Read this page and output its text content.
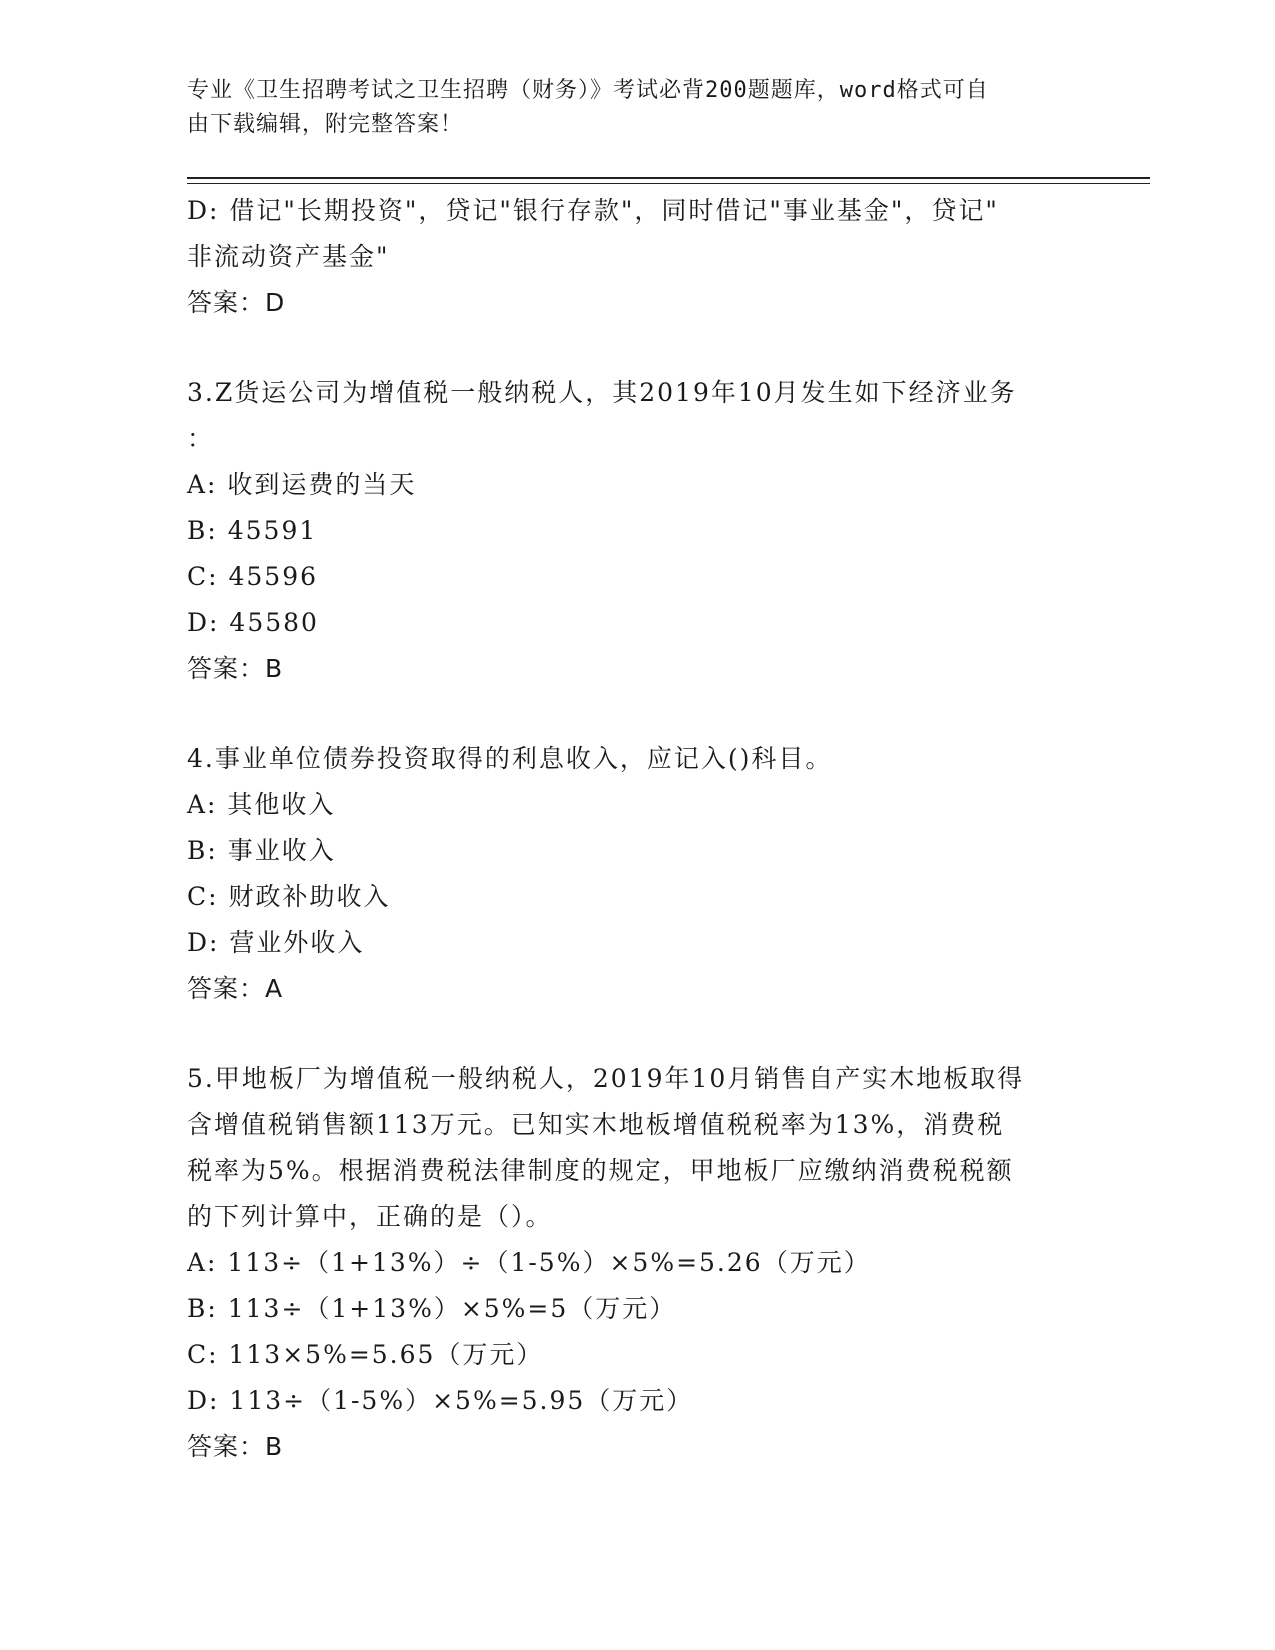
专业《卫生招聘考试之卫生招聘（财务）》考试必背200题题库，word格式可自
由下载编辑，附完整答案！
D: 借记"长期投资"，贷记"银行存款"，同时借记"事业基金"，贷记"
非流动资产基金"
答案：D
3.Z货运公司为增值税一般纳税人，其2019年10月发生如下经济业务
：
A: 收到运费的当天
B: 45591
C: 45596
D: 45580
答案：B
4.事业单位债券投资取得的利息收入，应记入()科目。
A: 其他收入
B: 事业收入
C: 财政补助收入
D: 营业外收入
答案：A
5.甲地板厂为增值税一般纳税人，2019年10月销售自产实木地板取得
含增值税销售额113万元。已知实木地板增值税税率为13%，消费税
税率为5%。根据消费税法律制度的规定，甲地板厂应缴纳消费税税额
的下列计算中，正确的是（）。
A: 113÷（1+13%）÷（1-5%）×5%=5.26（万元）
B: 113÷（1+13%）×5%=5（万元）
C: 113×5%=5.65（万元）
D: 113÷（1-5%）×5%=5.95（万元）
答案：B
